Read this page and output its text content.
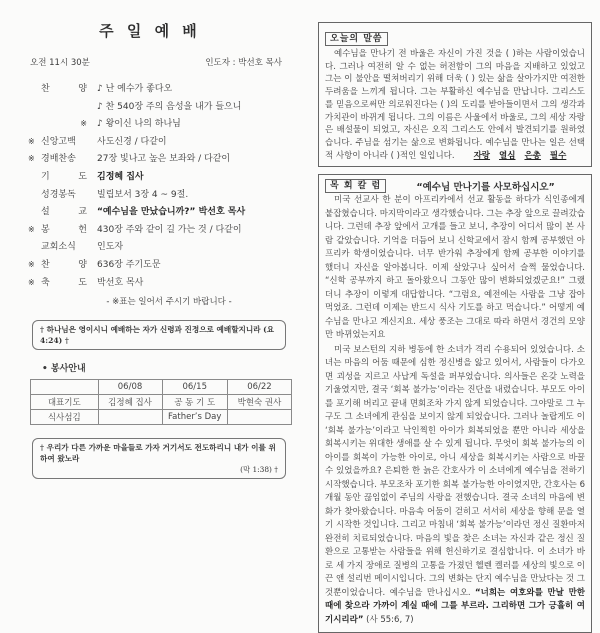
주 일 예 배
오전 11시 30분	인도자 : 박선호 목사
찬 양 ♪ 난 예수가 좋다오
♪ 찬 540장 주의 음성을 내가 들으니
※ ♪ 왕이신 나의 하나님
※ 신앙고백	사도신경 / 다같이
※ 경배찬송	27장 빛나고 높은 보좌와 / 다같이
기 도 김정혜 집사
성경봉독	빌립보서 3장 4 ~ 9절.
설 교 “예수님을 만났습니까?” 박선호 목사
※ 봉 헌 430장 주와 같이 길 가는 것 / 다같이
교회소식	인도자
※ 찬 양 636장 주기도문
※ 축 도 박선호 목사
- ※표는 일어서 주시기 바랍니다 -
† 하나님은 영이시니 예배하는 자가 신령과 진정으로 예배할지니라 (요4:24) †
• 봉사안내
	06/08	06/15	06/22
대표기도	김정혜 집사	공 동 기 도	박현숙 권사
식사섬김		Father’s Day	
† 우리가 다른 가까운 마을들로 가자 거기서도 전도하리니 내가 이를 위하여 왔노라
(막 1:38) †
오늘의 말씀

예수님을 만나기 전 바울은 자신이 가진 것을 ( )하는 사람이었습니다. 그러나 여전히 알 수 없는 허전함이 그의 마음을 지배하고 있었고 그는 이 불안을 떨쳐버리기 위해 더욱 ( ) 있는 삶을 살아가지만 여전한 두려움을 느끼게 됩니다. 그는 부활하신 예수님을 만납니다. 그리스도를 믿음으로써만 의로워진다는 ( )의 도리를 받아들이면서 그의 생각과 가치관이 바뀌게 됩니다. 그의 이름은 사울에서 바울로, 그의 세상 자랑은 배설물이 되었고, 자신은 오직 그리스도 안에서 발견되기를 원하였습니다. 주님을 섬기는 삶으로 변화됩니다. 예수님을 만나는 일은 선택적 사항이 아니라 ( )적인 일입니다. 자랑 열심 은총 필수

목 회 칼 럼	“예수님 만나기를 사모하십시오”

미국 선교사 한 분이 아프리카에서 선교 활동을 하다가 식인종에게 붙잡혔습니다. 마지막이라고 생각했습니다. 그는 추장 앞으로 끌려갔습니다. 그런데 추장 앞에서 고개를 들고 보니, 추장이 어디서 많이 본 사람 같았습니다. 기억을 더듬어 보니 신학교에서 잠시 함께 공부했던 아프리카 학생이었습니다. 너무 반가워 추장에게 함께 공부한 이야기를 했더니 자신을 알아봅니다. 이제 살았구나 싶어서 슬쩍 물었습니다. “신학 공부까지 하고 돌아왔으니 그동안 많이 변화되었겠군요!” 그랬더니 추장이 이렇게 대답합니다. “그럼요, 예전에는 사람을 그냥 잡아먹었죠. 그런데 이제는 반드시 식사 기도를 하고 먹습니다.” 어떻게 예수님을 만나고 계신지요. 세상 풍조는 그대로 따라 하면서 경건의 모양만 바뀌었는지요

미국 보스턴의 지하 병동에 한 소녀가 격리 수용되어 있었습니다. 소녀는 마음의 어둠 때문에 심한 정신병을 앓고 있어서, 사람들이 다가오면 괴성을 지르고 사납게 독설을 퍼부었습니다. 의사들은 온갖 노력을 기울였지만, 결국 ‘회복 불가능’이라는 진단을 내렸습니다. 부모도 아이를 포기해 버리고 끝내 면회조차 가지 않게 되었습니다. 그야말로 그 누구도 그 소녀에게 관심을 보이지 않게 되었습니다. 그러나 놀랍게도 이 ‘회복 불가능’이라고 낙인찍힌 아이가 회복되었을 뿐만 아니라 세상을 회복시키는 위대한 생애를 살 수 있게 됩니다. 무엇이 회복 불가능의 이 아이를 회복이 가능한 아이로, 아니 세상을 회복시키는 사람으로 바꿀 수 있었을까요? 은퇴한 한 늙은 간호사가 이 소녀에게 예수님을 전하기 시작했습니다. 부모조차 포기한 회복 불가능한 아이였지만, 간호사는 6개월 동안 끊임없이 주님의 사랑을 전했습니다. 결국 소녀의 마음에 변화가 찾아왔습니다. 마음속 어둠이 걷히고 서서히 세상을 향해 문을 열기 시작한 것입니다. 그리고 마침내 ‘회복 불가능’이라던 정신 질환마저 완전히 치료되었습니다. 마음의 빛을 찾은 소녀는 자신과 같은 정신 질환으로 고통받는 사람들을 위해 헌신하기로 결심합니다. 이 소녀가 바로 세 가지 장애로 질병의 고통을 가졌던 헬렌 켈러를 세상의 빛으로 이끈 앤 설리번 메이시입니다. 그의 변화는 단지 예수님을 만났다는 것 그것뿐이었습니다. 예수님을 만나십시오. “너희는 여호와를 만날 만한 때에 찾으라 가까이 계실 때에 그를 부르라. 그리하면 그가 긍휼히 여기시리라” (사 55:6, 7)
